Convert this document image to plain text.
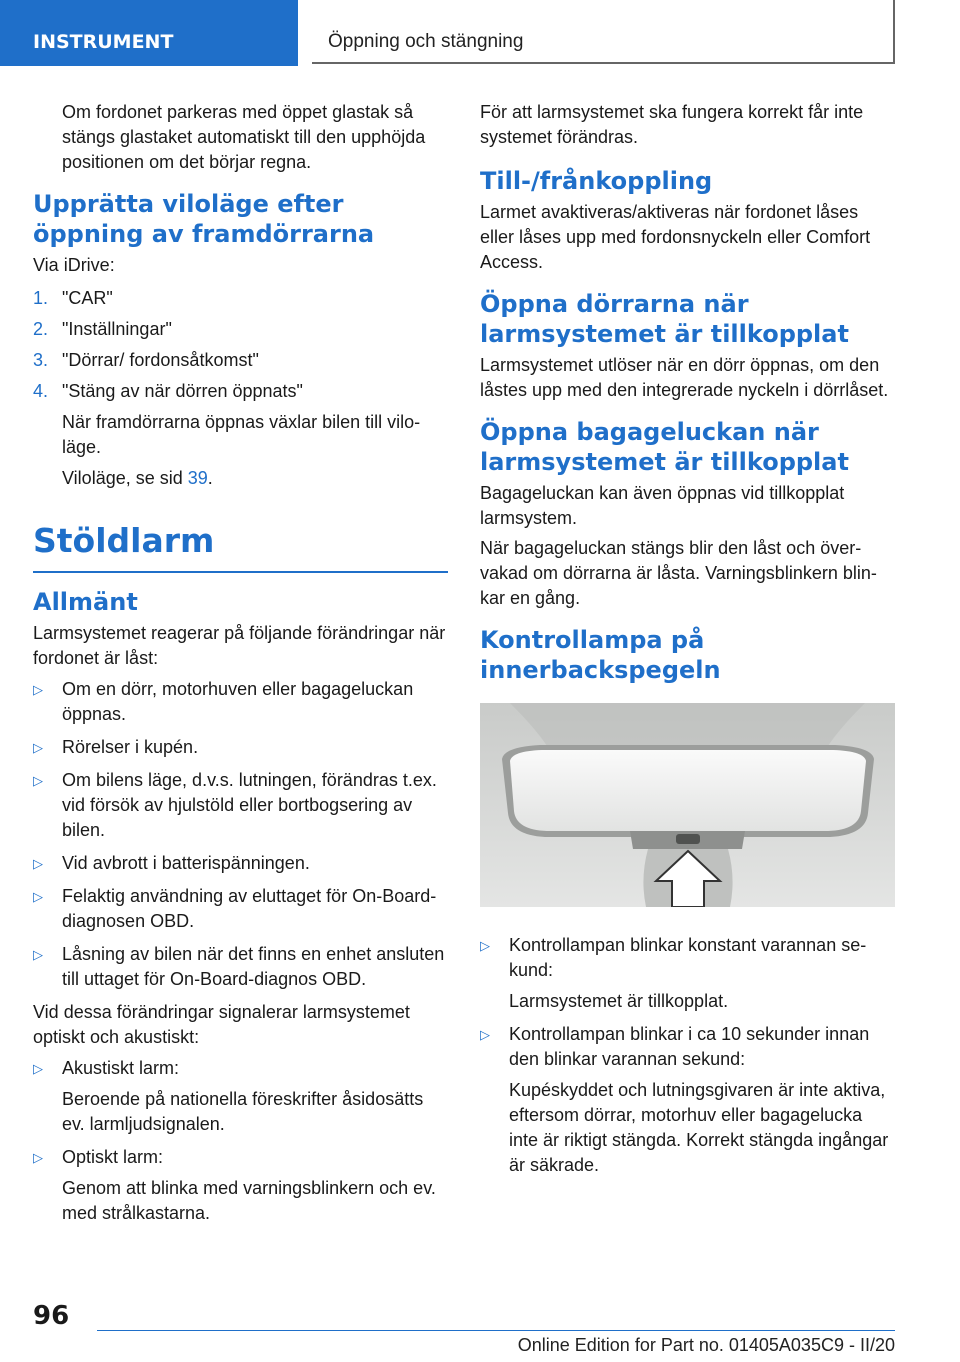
INSTRUMENT	Öppning och stängning

Om fordonet parkeras med öppet glastak så stängs glastaket automatiskt till den upphöjda positionen om det börjar regna.

Upprätta viloläge efter öppning av framdörrarna

Via iDrive:

1. "CAR"
2. "Inställningar"
3. "Dörrar/ fordonsåtkomst"
4. "Stäng av när dörren öppnats"
När framdörrarna öppnas växlar bilen till viloläge.
Viloläge, se sid 39.
Stöldlarm
Allmänt

Larmsystemet reagerar på följande förändringar när fordonet är låst:

▷ Om en dörr, motorhuven eller bagageluckan öppnas.
▷ Rörelser i kupén.
▷ Om bilens läge, d.v.s. lutningen, förändras t.ex. vid försök av hjulstöld eller bortbogsering av bilen.
▷ Vid avbrott i batterispänningen.
▷ Felaktig användning av eluttaget för On-Board-diagnosen OBD.
▷ Låsning av bilen när det finns en enhet ansluten till uttaget för On-Board-diagnos OBD.

Vid dessa förändringar signalerar larmsystemet optiskt och akustiskt:

▷ Akustiskt larm:
Beroende på nationella föreskrifter åsidosätts ev. larmljudsignalen.
▷ Optiskt larm:
Genom att blinka med varningsblinkern och ev. med strålkastarna.

För att larmsystemet ska fungera korrekt får inte systemet förändras.

Till-/frånkoppling

Larmet avaktiveras/aktiveras när fordonet låses eller låses upp med fordonsnyckeln eller Comfort Access.

Öppna dörrarna när larmsystemet är tillkopplat

Larmsystemet utlöser när en dörr öppnas, om den låstes upp med den integrerade nyckeln i dörrlåset.

Öppna bagageluckan när larmsystemet är tillkopplat

Bagageluckan kan även öppnas vid tillkopplat larmsystem.

När bagageluckan stängs blir den låst och övervakad om dörrarna är låsta. Varningsblinkern blinkar en gång.

Kontrollampa på innerbackspegeln
▷ Kontrollampan blinkar konstant varannan sekund:
Larmsystemet är tillkopplat.
▷ Kontrollampan blinkar i ca 10 sekunder innan den blinkar varannan sekund:
Kupéskyddet och lutningsgivaren är inte aktiva, eftersom dörrar, motorhuv eller bagagelucka inte är riktigt stängda. Korrekt stängda ingångar är säkrade.
96
Online Edition for Part no. 01405A035C9 - II/20
